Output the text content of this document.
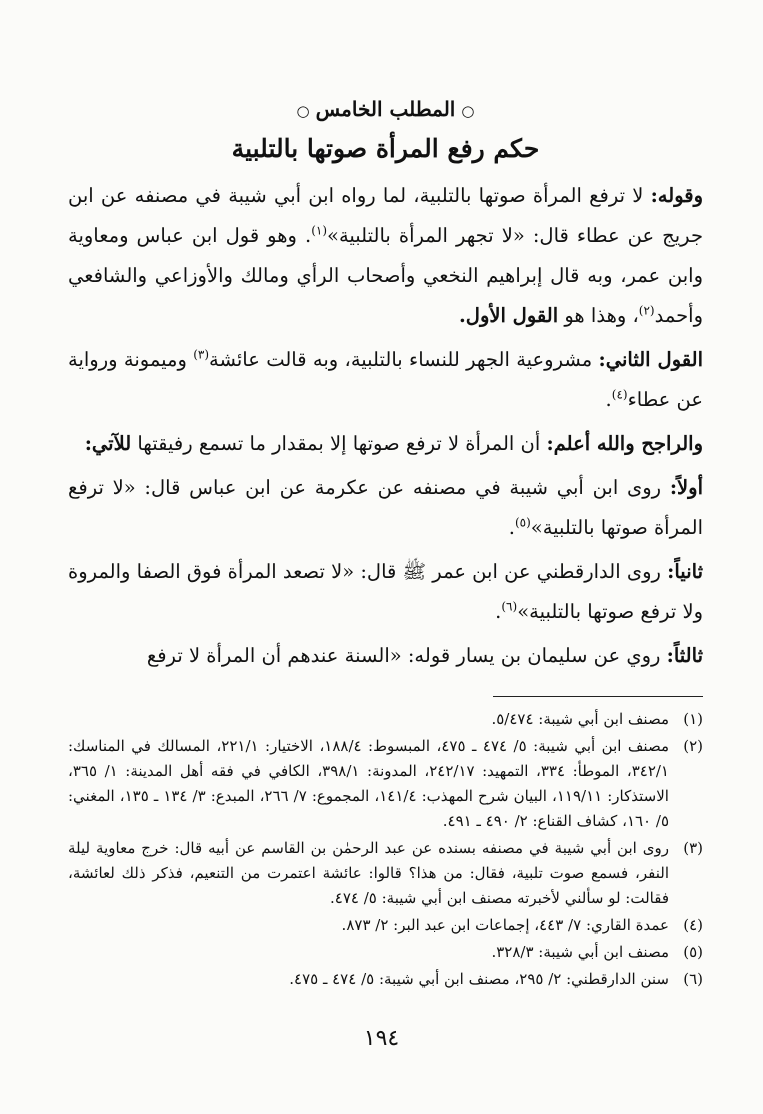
○المطلب الخامس○
حكم رفع المرأة صوتها بالتلبية

وقوله: لا ترفع المرأة صوتها بالتلبية، لما رواه ابن أبي شيبة في مصنفه عن ابن جريج عن عطاء قال: «لا تجهر المرأة بالتلبية»$^{(١)}$. وهو قول ابن عباس ومعاوية وابن عمر، وبه قال إبراهيم النخعي وأصحاب الرأي ومالك والأوزاعي والشافعي وأحمد$^{(٢)}$، وهذا هو القول الأول.

القول الثاني: مشروعية الجهر للنساء بالتلبية، وبه قالت عائشة$^{(٣)}$ وميمونة ورواية عن عطاء$^{(٤)}$.

والراجح والله أعلم: أن المرأة لا ترفع صوتها إلا بمقدار ما تسمع رفيقتها للآتي:

أولاً: روى ابن أبي شيبة في مصنفه عن عكرمة عن ابن عباس قال: «لا ترفع المرأة صوتها بالتلبية»$^{(٥)}$.

ثانياً: روى الدارقطني عن ابن عمر ﷺ قال: «لا تصعد المرأة فوق الصفا والمروة ولا ترفع صوتها بالتلبية»$^{(٦)}$.

ثالثاً: روي عن سليمان بن يسار قوله: «السنة عندهم أن المرأة لا ترفع

(١)
مصنف ابن أبي شيبة: ٥/٤٧٤.
(٢)
مصنف ابن أبي شيبة: ٥/ ٤٧٤ ـ ٤٧٥، المبسوط: ١٨٨/٤، الاختيار: ٢٢١/١، المسالك في المناسك: ٣٤٢/١، الموطأ: ٣٣٤، التمهيد: ٢٤٢/١٧، المدونة: ٣٩٨/١، الكافي في فقه أهل المدينة: ١/ ٣٦٥، الاستذكار: ١١٩/١١، البيان شرح المهذب: ١٤١/٤، المجموع: ٧/ ٢٦٦، المبدع: ٣/ ١٣٤ ـ ١٣٥، المغني: ٥/ ١٦٠، كشاف القناع: ٢/ ٤٩٠ ـ ٤٩١.
(٣)
روى ابن أبي شيبة في مصنفه بسنده عن عبد الرحمٰن بن القاسم عن أبيه قال: خرج معاوية ليلة النفر، فسمع صوت تلبية، فقال: من هذا؟ قالوا: عائشة اعتمرت من التنعيم، فذكر ذلك لعائشة، فقالت: لو سألني لأخبرته مصنف ابن أبي شيبة: ٥/ ٤٧٤.
(٤)
عمدة القاري: ٧/ ٤٤٣، إجماعات ابن عبد البر: ٢/ ٨٧٣.
(٥)
مصنف ابن أبي شيبة: ٣٢٨/٣.
(٦)
سنن الدارقطني: ٢/ ٢٩٥، مصنف ابن أبي شيبة: ٥/ ٤٧٤ ـ ٤٧٥.
١٩٤
